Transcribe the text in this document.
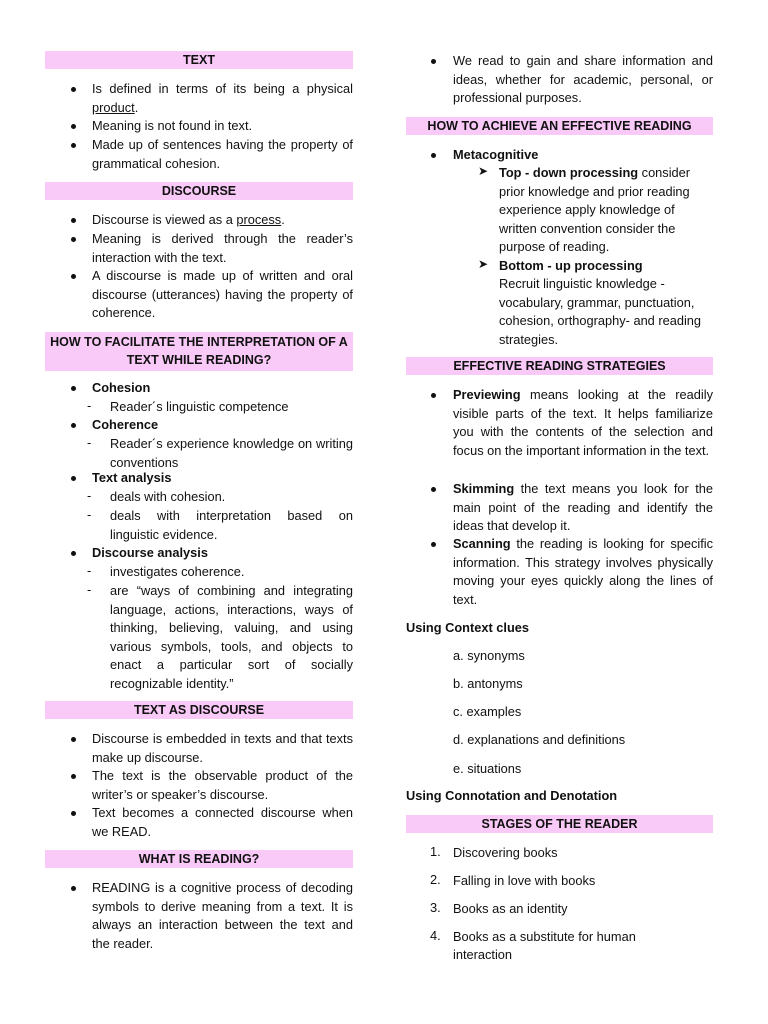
TEXT
Is defined in terms of its being a physical product.
Meaning is not found in text.
Made up of sentences having the property of grammatical cohesion.
DISCOURSE
Discourse is viewed as a process.
Meaning is derived through the reader’s interaction with the text.
A discourse is made up of written and oral discourse (utterances) having the property of coherence.
HOW TO FACILITATE THE INTERPRETATION OF A TEXT WHILE READING?
Cohesion
-	Reader´s linguistic competence
Coherence
-	Reader´s experience knowledge on writing conventions
Text analysis
-	deals with cohesion.
-	deals with interpretation based on linguistic evidence.
Discourse analysis
-	investigates coherence.
-	are “ways of combining and integrating language, actions, interactions, ways of thinking, believing, valuing, and using various symbols, tools, and objects to enact a particular sort of socially recognizable identity.”
TEXT AS DISCOURSE
Discourse is embedded in texts and that texts make up discourse.
The text is the observable product of the writer’s or speaker’s discourse.
Text becomes a connected discourse when we READ.
WHAT IS READING?
READING is a cognitive process of decoding symbols to derive meaning from a text. It is always an interaction between the text and the reader.
We read to gain and share information and ideas, whether for academic, personal, or professional purposes.
HOW TO ACHIEVE AN EFFECTIVE READING
Metacognitive
➤ Top - down processing consider prior knowledge and prior reading experience apply knowledge of written convention consider the purpose of reading.
➤ Bottom - up processing
Recruit linguistic knowledge - vocabulary, grammar, punctuation, cohesion, orthography- and reading strategies.
EFFECTIVE READING STRATEGIES
Previewing means looking at the readily visible parts of the text. It helps familiarize you with the contents of the selection and focus on the important information in the text.
Skimming the text means you look for the main point of the reading and identify the ideas that develop it.
Scanning the reading is looking for specific information. This strategy involves physically moving your eyes quickly along the lines of text.
Using Context clues
a. synonyms
b. antonyms
c. examples
d. explanations and definitions
e. situations
Using Connotation and Denotation
STAGES OF THE READER
1. Discovering books
2. Falling in love with books
3. Books as an identity
4. Books as a substitute for human interaction
